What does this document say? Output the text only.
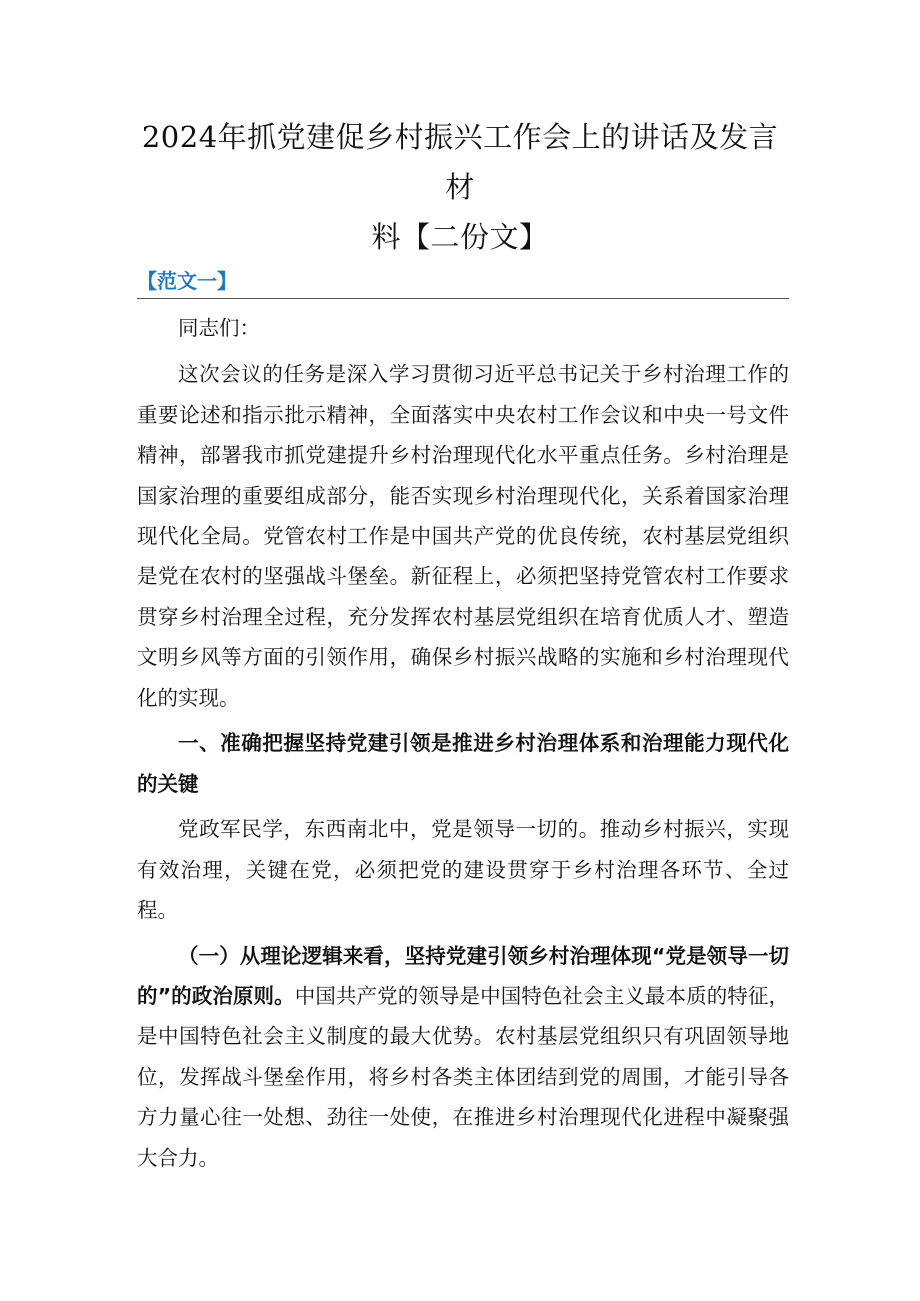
2024年抓党建促乡村振兴工作会上的讲话及发言材
料【二份文】
【范文一】

同志们：

这次会议的任务是深入学习贯彻习近平总书记关于乡村治理工作的重要论述和指示批示精神，全面落实中央农村工作会议和中央一号文件精神，部署我市抓党建提升乡村治理现代化水平重点任务。乡村治理是国家治理的重要组成部分，能否实现乡村治理现代化，关系着国家治理现代化全局。党管农村工作是中国共产党的优良传统，农村基层党组织是党在农村的坚强战斗堡垒。新征程上，必须把坚持党管农村工作要求贯穿乡村治理全过程，充分发挥农村基层党组织在培育优质人才、塑造文明乡风等方面的引领作用，确保乡村振兴战略的实施和乡村治理现代化的实现。

一、准确把握坚持党建引领是推进乡村治理体系和治理能力现代化的关键

党政军民学，东西南北中，党是领导一切的。推动乡村振兴，实现有效治理，关键在党，必须把党的建设贯穿于乡村治理各环节、全过程。

（一）从理论逻辑来看，坚持党建引领乡村治理体现“党是领导一切的”的政治原则。中国共产党的领导是中国特色社会主义最本质的特征，是中国特色社会主义制度的最大优势。农村基层党组织只有巩固领导地位，发挥战斗堡垒作用，将乡村各类主体团结到党的周围，才能引导各方力量心往一处想、劲往一处使，在推进乡村治理现代化进程中凝聚强大合力。
